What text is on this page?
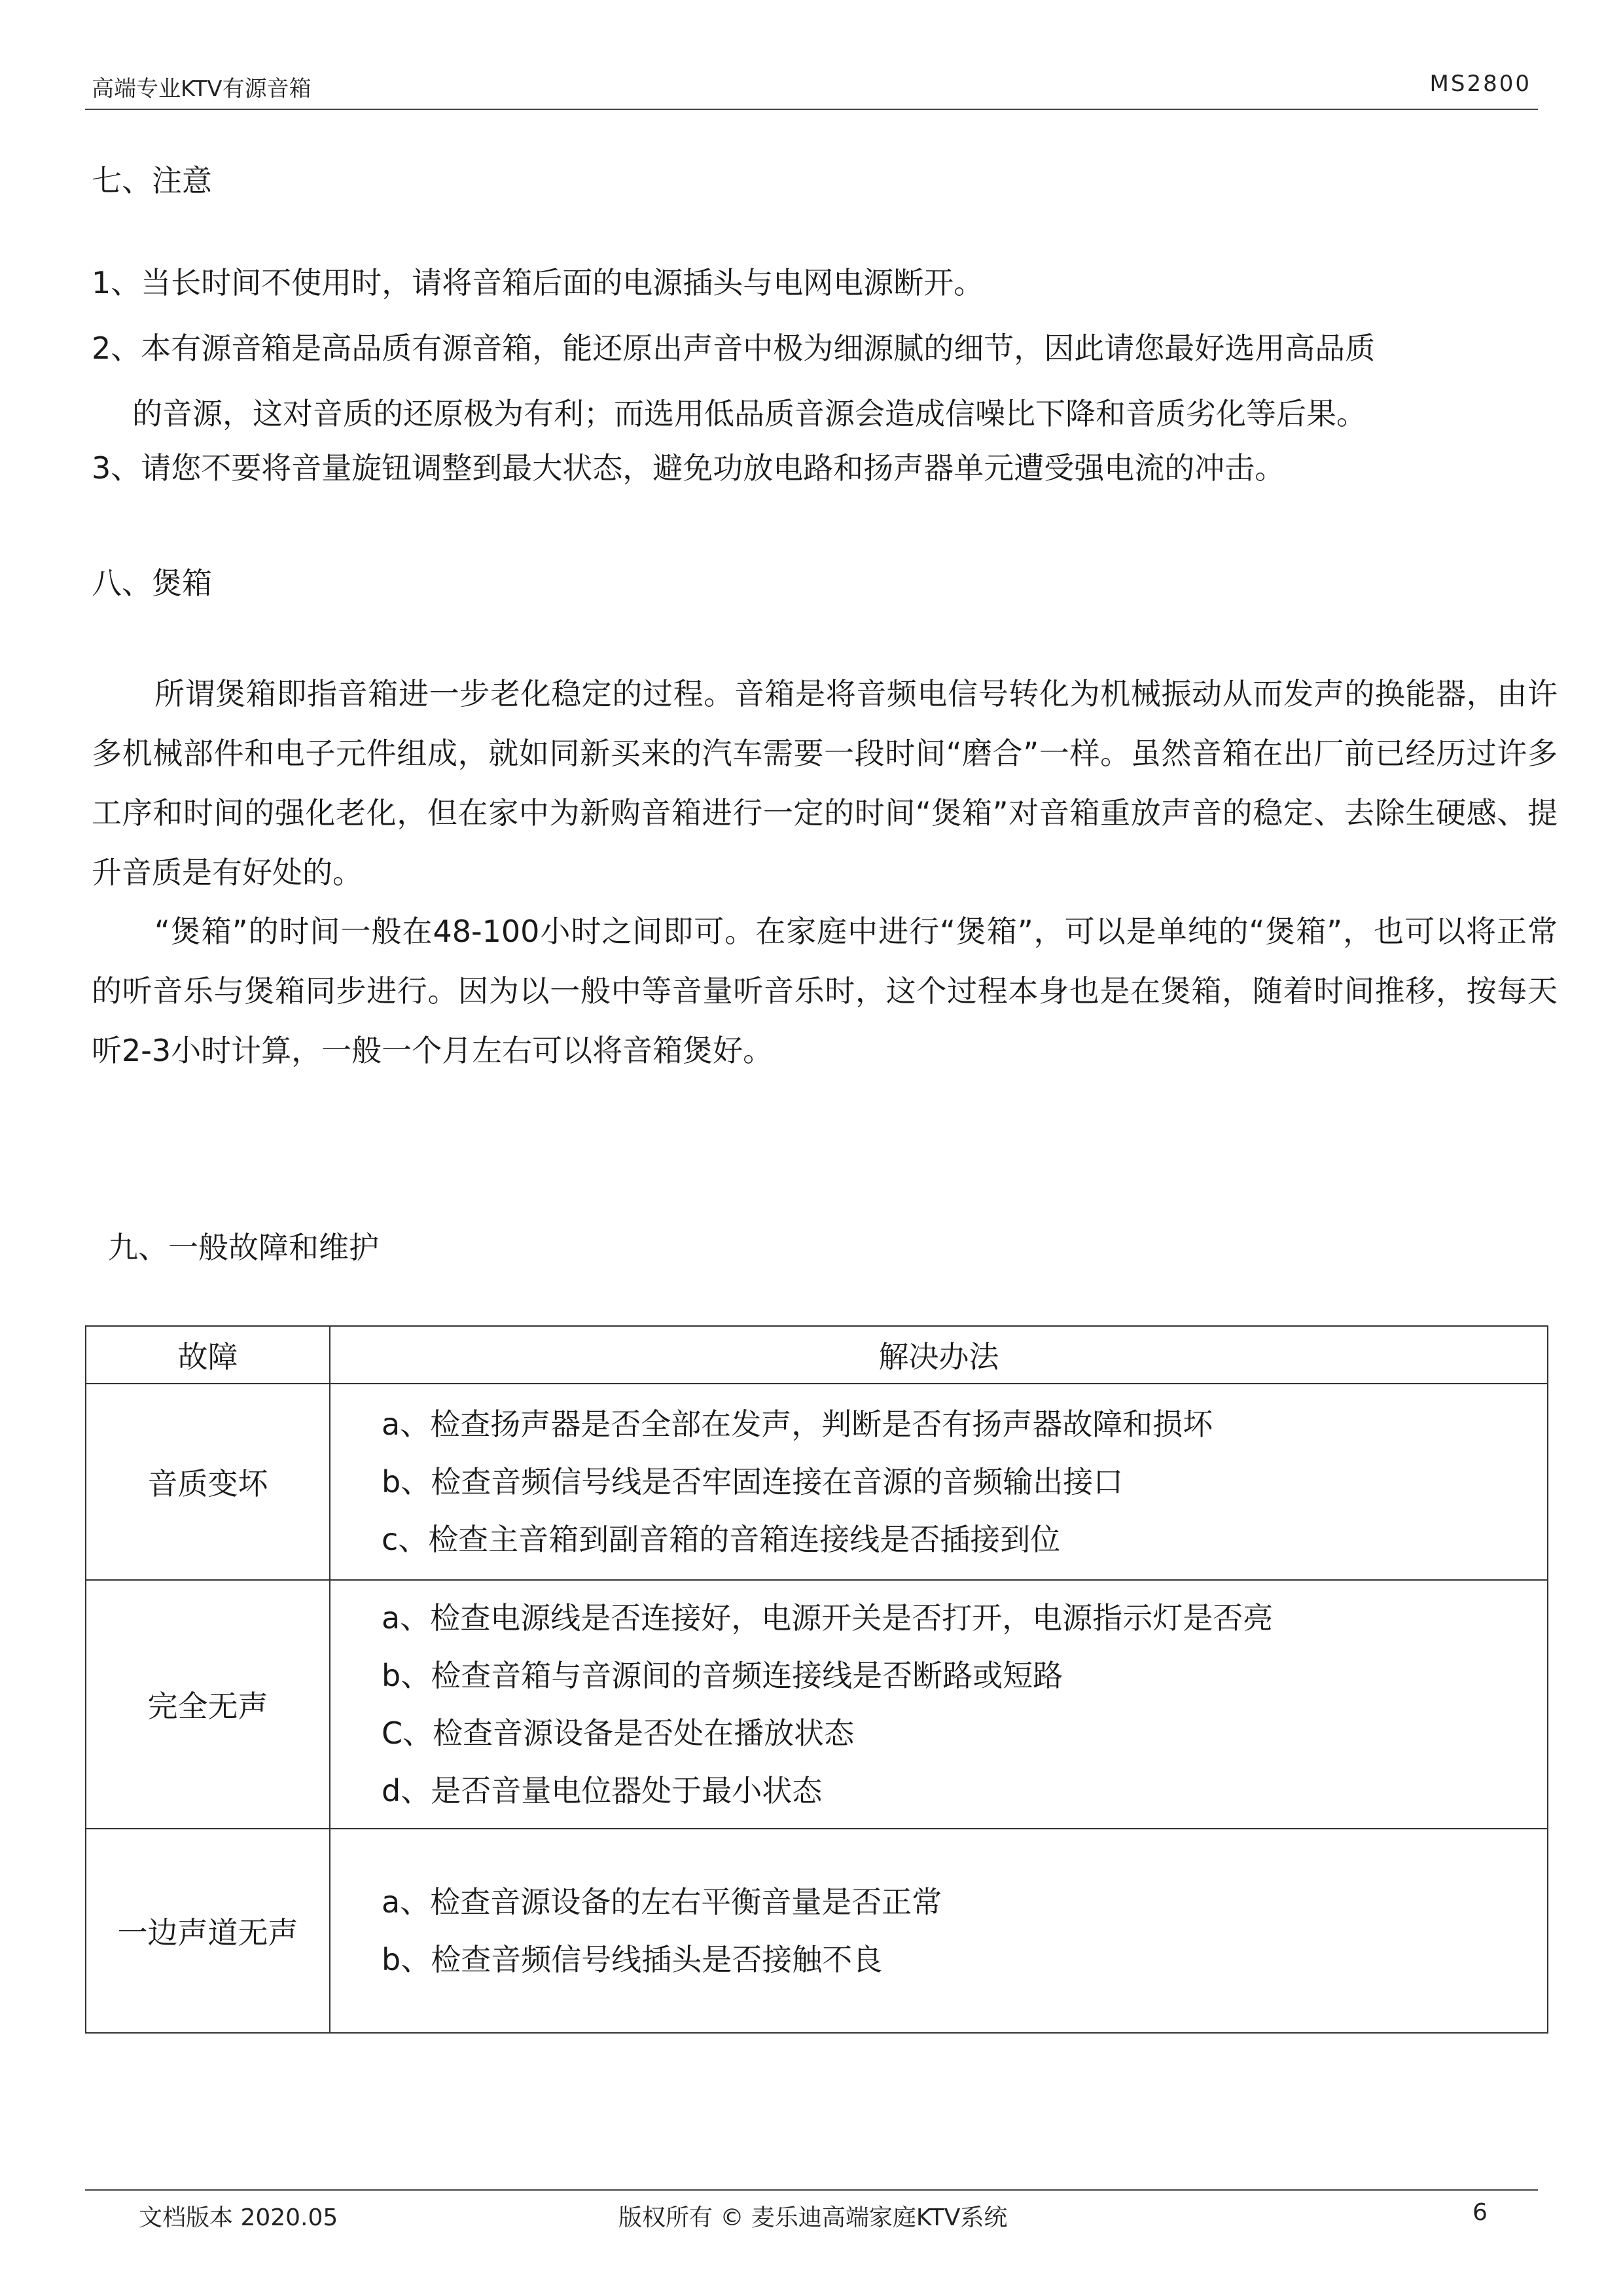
高端专业KTV有源音箱	MS2800
七、注意
1、当长时间不使用时，请将音箱后面的电源插头与电网电源断开。
2、本有源音箱是高品质有源音箱，能还原出声音中极为细源腻的细节，因此请您最好选用高品质
的音源，这对音质的还原极为有利；而选用低品质音源会造成信噪比下降和音质劣化等后果。
3、请您不要将音量旋钮调整到最大状态，避免功放电路和扬声器单元遭受强电流的冲击。
八、煲箱
所谓煲箱即指音箱进一步老化稳定的过程。音箱是将音频电信号转化为机械振动从而发声的换能器，由许多机械部件和电子元件组成，就如同新买来的汽车需要一段时间“磨合”一样。虽然音箱在出厂前已经历过许多工序和时间的强化老化，但在家中为新购音箱进行一定的时间“煲箱”对音箱重放声音的稳定、去除生硬感、提升音质是有好处的。
“煲箱”的时间一般在48-100小时之间即可。在家庭中进行“煲箱”，可以是单纯的“煲箱”，也可以将正常的听音乐与煲箱同步进行。因为以一般中等音量听音乐时，这个过程本身也是在煲箱，随着时间推移，按每天听2-3小时计算，一般一个月左右可以将音箱煲好。
九、一般故障和维护
故障	解决办法
音质变坏	a、检查扬声器是否全部在发声，判断是否有扬声器故障和损坏
b、检查音频信号线是否牢固连接在音源的音频输出接口
c、检查主音箱到副音箱的音箱连接线是否插接到位

完全无声	a、检查电源线是否连接好，电源开关是否打开，电源指示灯是否亮
b、检查音箱与音源间的音频连接线是否断路或短路
C、检查音源设备是否处在播放状态
d、是否音量电位器处于最小状态

一边声道无声	a、检查音源设备的左右平衡音量是否正常
b、检查音频信号线插头是否接触不良
文档版本 2020.05	版权所有 © 麦乐迪高端家庭KTV系统	6
